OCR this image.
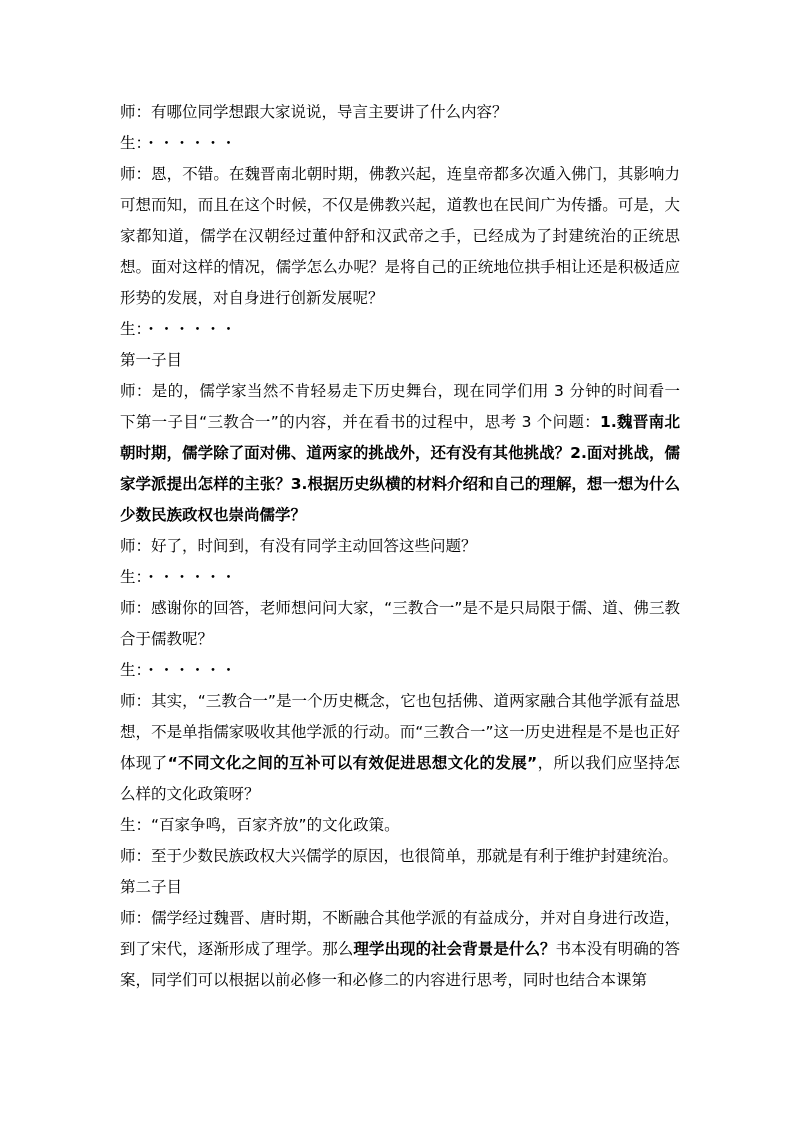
师：有哪位同学想跟大家说说，导言主要讲了什么内容？

生：・・・・・・

师：恩，不错。在魏晋南北朝时期，佛教兴起，连皇帝都多次遁入佛门，其影响力可想而知，而且在这个时候，不仅是佛教兴起，道教也在民间广为传播。可是，大家都知道，儒学在汉朝经过董仲舒和汉武帝之手，已经成为了封建统治的正统思想。面对这样的情况，儒学怎么办呢？是将自己的正统地位拱手相让还是积极适应形势的发展，对自身进行创新发展呢？

生：・・・・・・

第一子目

师：是的，儒学家当然不肯轻易走下历史舞台，现在同学们用 3 分钟的时间看一下第一子目“三教合一”的内容，并在看书的过程中，思考 3 个问题：1.魏晋南北朝时期，儒学除了面对佛、道两家的挑战外，还有没有其他挑战？2.面对挑战，儒家学派提出怎样的主张？3.根据历史纵横的材料介绍和自己的理解，想一想为什么少数民族政权也崇尚儒学？

师：好了，时间到，有没有同学主动回答这些问题？

生：・・・・・・

师：感谢你的回答，老师想问问大家，“三教合一”是不是只局限于儒、道、佛三教合于儒教呢？

生：・・・・・・

师：其实，“三教合一”是一个历史概念，它也包括佛、道两家融合其他学派有益思想，不是单指儒家吸收其他学派的行动。而“三教合一”这一历史进程是不是也正好体现了“不同文化之间的互补可以有效促进思想文化的发展”，所以我们应坚持怎么样的文化政策呀？

生：“百家争鸣，百家齐放”的文化政策。

师：至于少数民族政权大兴儒学的原因，也很简单，那就是有利于维护封建统治。

第二子目

师：儒学经过魏晋、唐时期，不断融合其他学派的有益成分，并对自身进行改造，到了宋代，逐渐形成了理学。那么理学出现的社会背景是什么？书本没有明确的答案，同学们可以根据以前必修一和必修二的内容进行思考，同时也结合本课第
